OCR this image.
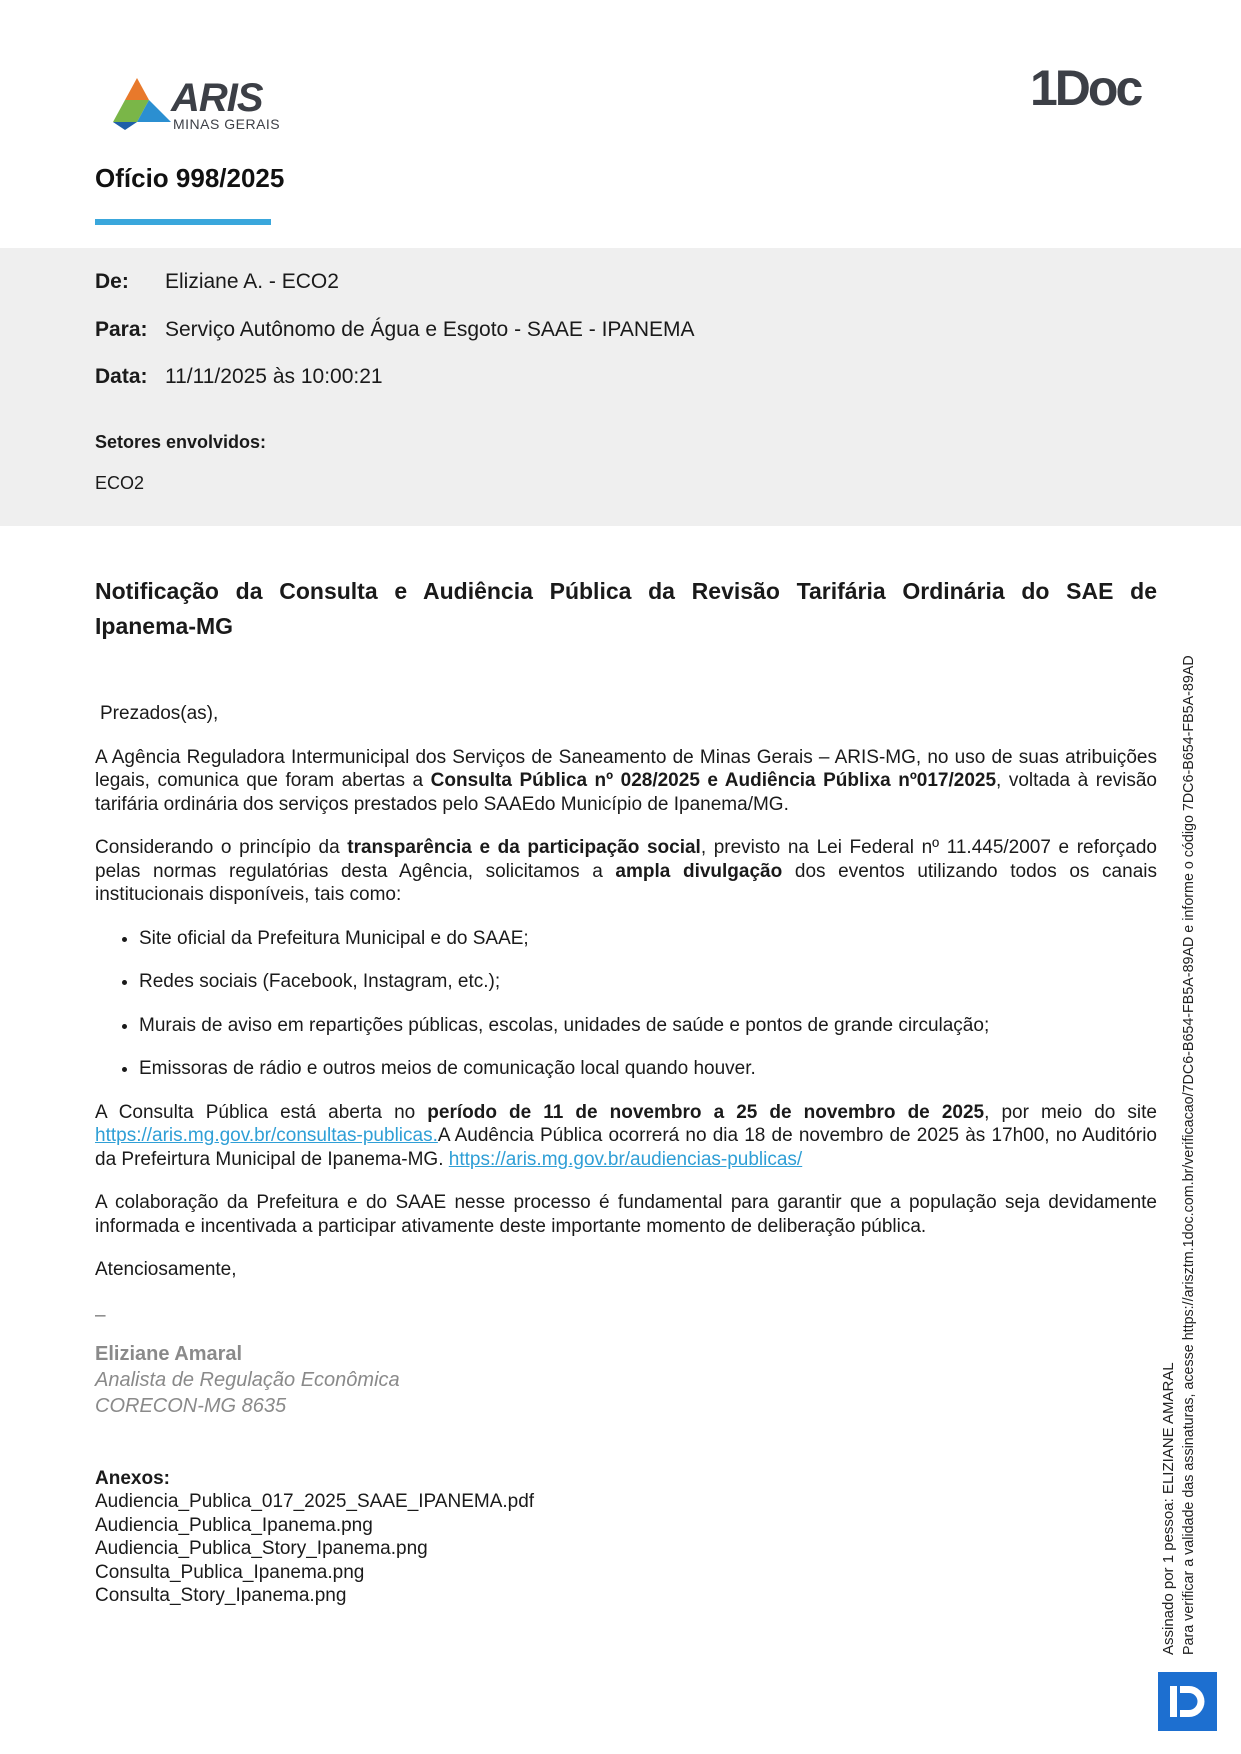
ARIS
MINAS GERAIS
1Doc
Ofício 998/2025
De: Eliziane A. - ECO2
Para: Serviço Autônomo de Água e Esgoto - SAAE - IPANEMA
Data: 11/11/2025 às 10:00:21
Setores envolvidos:
ECO2
Notificação da Consulta e Audiência Pública da Revisão Tarifária Ordinária do SAE de Ipanema-MG
Prezados(as),

A Agência Reguladora Intermunicipal dos Serviços de Saneamento de Minas Gerais – ARIS-MG, no uso de suas atribuições legais, comunica que foram abertas a Consulta Pública nº 028/2025 e Audiência Públixa nº017/2025, voltada à revisão tarifária ordinária dos serviços prestados pelo SAAEdo Município de Ipanema/MG.

Considerando o princípio da transparência e da participação social, previsto na Lei Federal nº 11.445/2007 e reforçado pelas normas regulatórias desta Agência, solicitamos a ampla divulgação dos eventos utilizando todos os canais institucionais disponíveis, tais como:

• Site oficial da Prefeitura Municipal e do SAAE;
• Redes sociais (Facebook, Instagram, etc.);
• Murais de aviso em repartições públicas, escolas, unidades de saúde e pontos de grande circulação;
• Emissoras de rádio e outros meios de comunicação local quando houver.

A Consulta Pública está aberta no período de 11 de novembro a 25 de novembro de 2025, por meio do site https://aris.mg.gov.br/consultas-publicas.A Audência Pública ocorrerá no dia 18 de novembro de 2025 às 17h00, no Auditório da Prefeirtura Municipal de Ipanema-MG. https://aris.mg.gov.br/audiencias-publicas/

A colaboração da Prefeitura e do SAAE nesse processo é fundamental para garantir que a população seja devidamente informada e incentivada a participar ativamente deste importante momento de deliberação pública.

Atenciosamente,
–
Eliziane Amaral
Analista de Regulação Econômica
CORECON-MG 8635
Anexos:
Audiencia_Publica_017_2025_SAAE_IPANEMA.pdf
Audiencia_Publica_Ipanema.png
Audiencia_Publica_Story_Ipanema.png
Consulta_Publica_Ipanema.png
Consulta_Story_Ipanema.png	Assinado por 1 pessoa: ELIZIANE AMARAL Para verificar a validade das assinaturas, acesse https://arisztm.1doc.com.br/verificacao/7DC6-B654-FB5A-89AD e informe o código 7DC6-B654-FB5A-89AD
